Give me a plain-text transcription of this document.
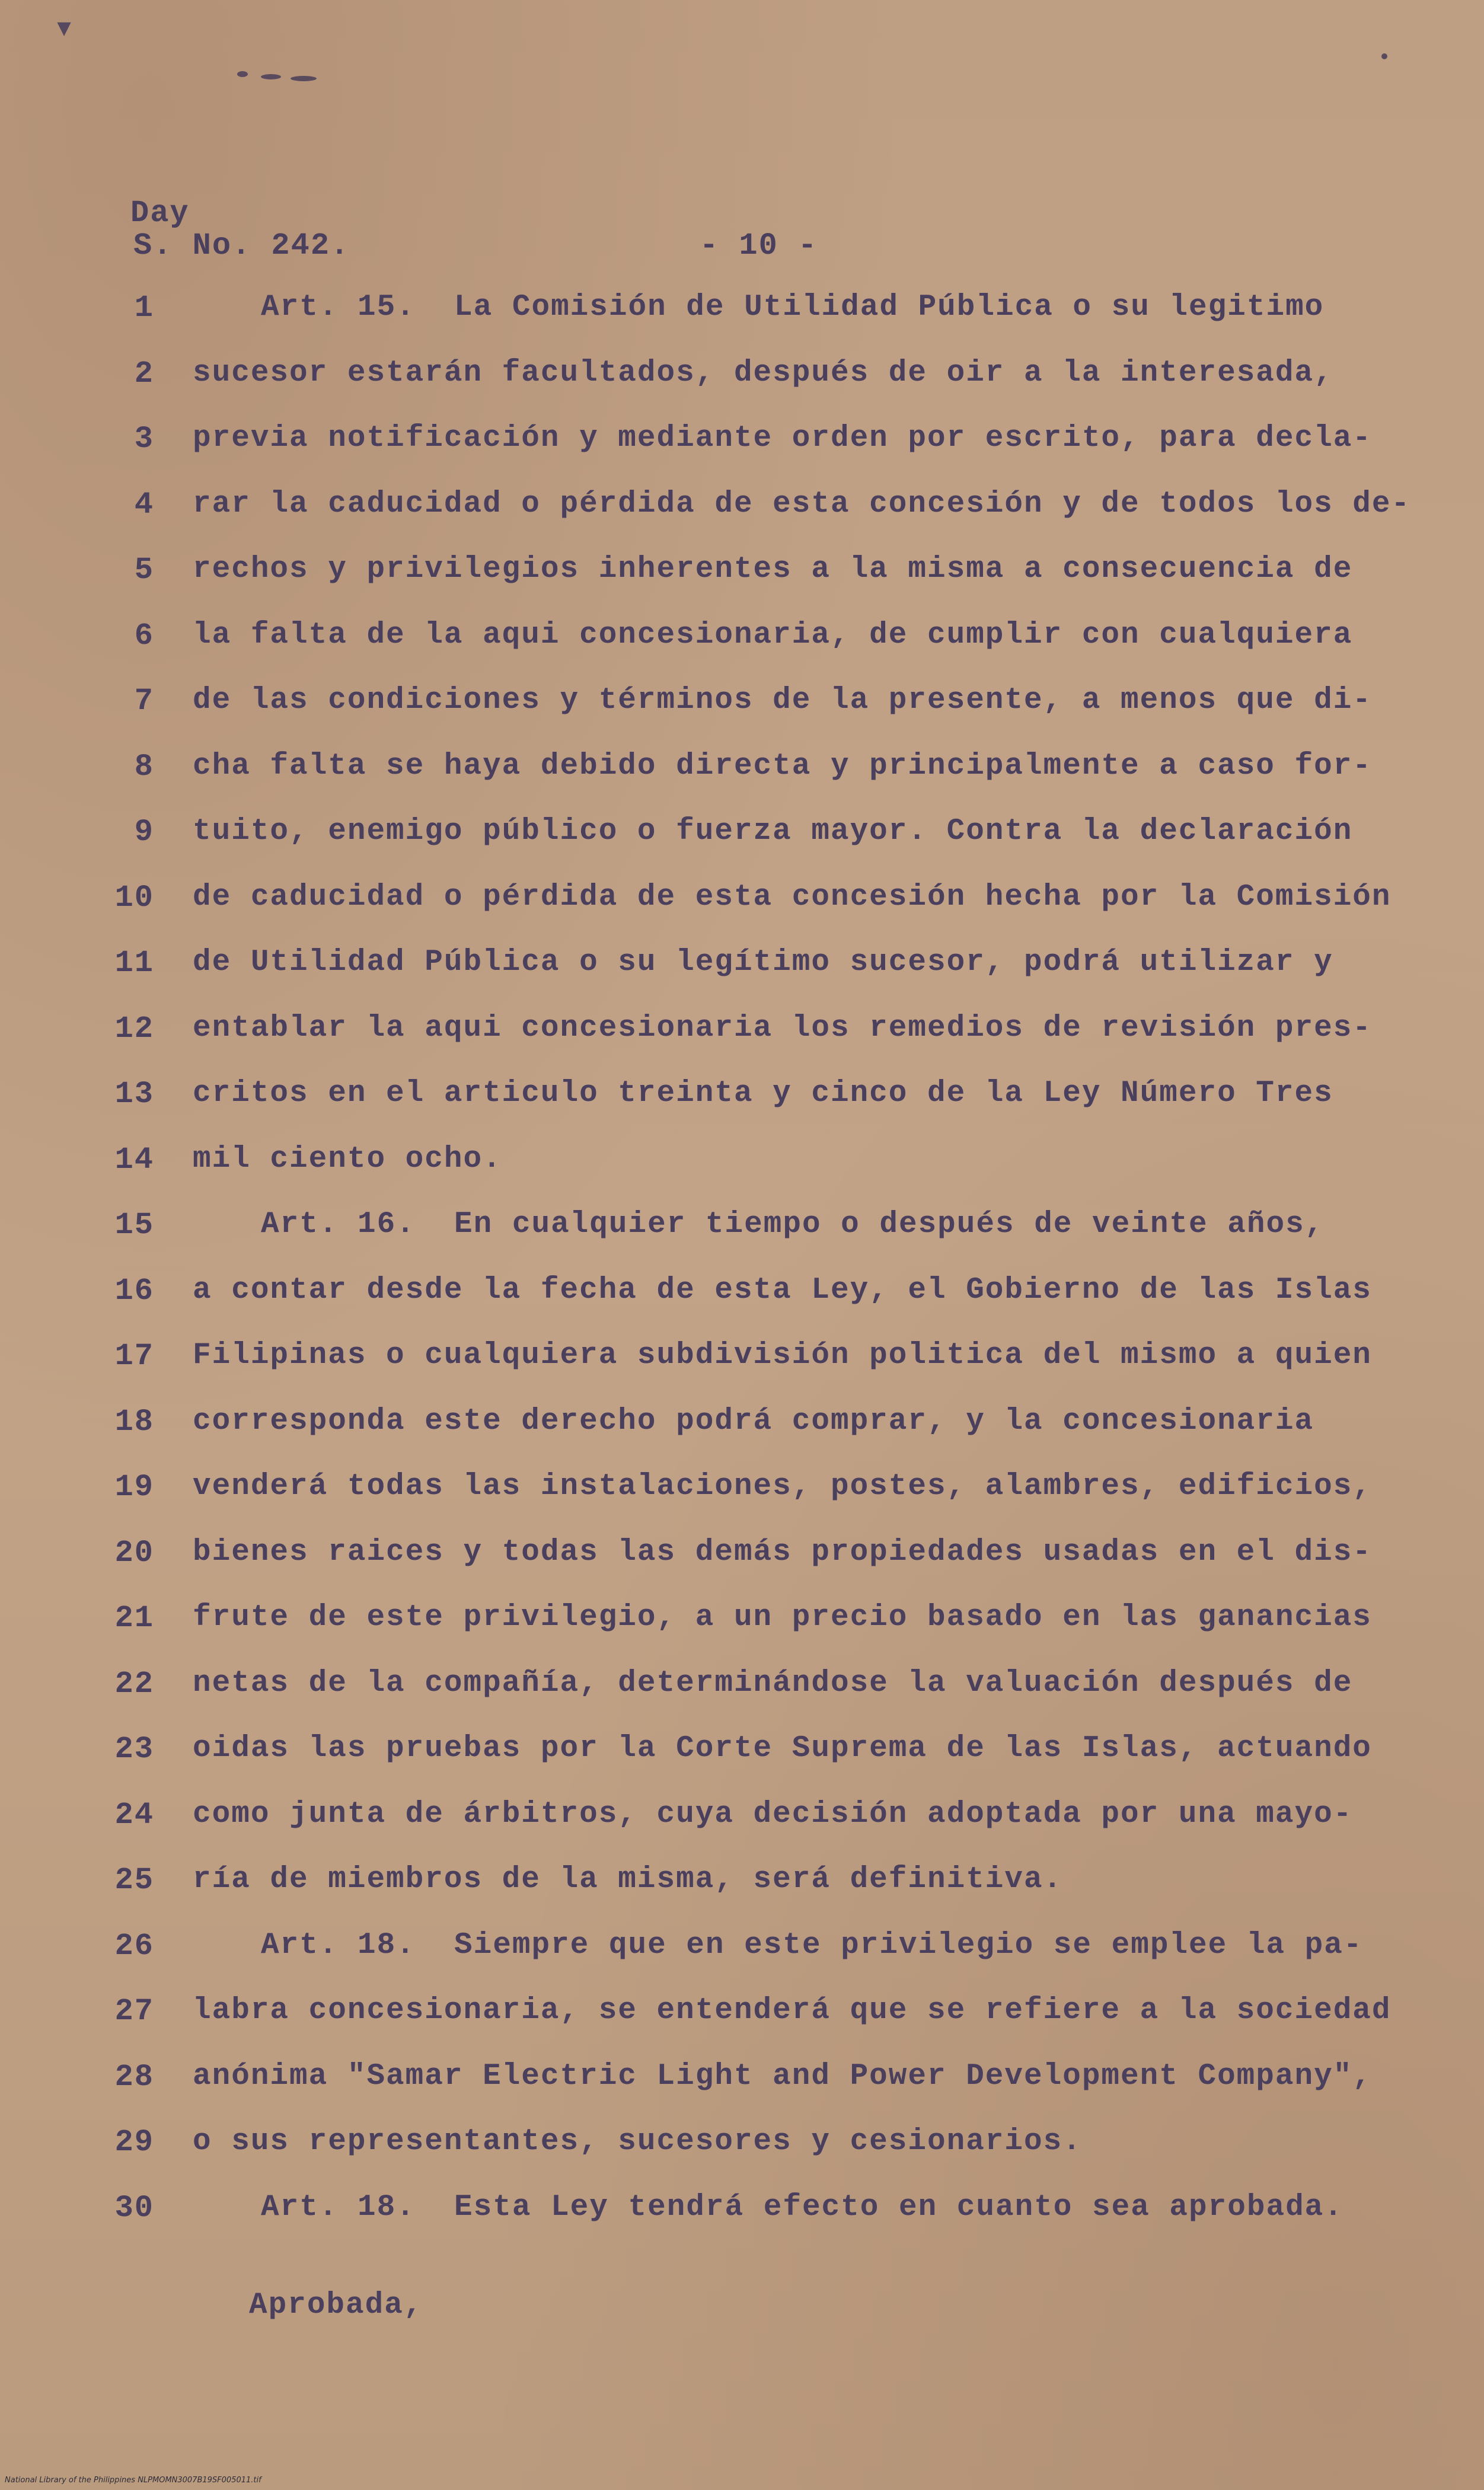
▾
Day
S. No. 242.	- 10 -
1	Art. 15.  La Comisión de Utilidad Pública o su legitimo
2 sucesor estarán facultados, después de oir a la interesada,
3 previa notificación y mediante orden por escrito, para decla-
4 rar la caducidad o pérdida de esta concesión y de todos los de-
5 rechos y privilegios inherentes a la misma a consecuencia de
6 la falta de la aqui concesionaria, de cumplir con cualquiera
7 de las condiciones y términos de la presente, a menos que di-
8 cha falta se haya debido directa y principalmente a caso for-
9 tuito, enemigo público o fuerza mayor. Contra la declaración
10 de caducidad o pérdida de esta concesión hecha por la Comisión
11 de Utilidad Pública o su legítimo sucesor, podrá utilizar y
12 entablar la aqui concesionaria los remedios de revisión pres-
13 critos en el articulo treinta y cinco de la Ley Número Tres
14 mil ciento ocho.
15	Art. 16.  En cualquier tiempo o después de veinte años,
16 a contar desde la fecha de esta Ley, el Gobierno de las Islas
17 Filipinas o cualquiera subdivisión politica del mismo a quien
18 corresponda este derecho podrá comprar, y la concesionaria
19 venderá todas las instalaciones, postes, alambres, edificios,
20 bienes raices y todas las demás propiedades usadas en el dis-
21 frute de este privilegio, a un precio basado en las ganancias
22 netas de la compañía, determinándose la valuación después de
23 oidas las pruebas por la Corte Suprema de las Islas, actuando
24 como junta de árbitros, cuya decisión adoptada por una mayo-
25 ría de miembros de la misma, será definitiva.
26	Art. 18.  Siempre que en este privilegio se emplee la pa-
27 labra concesionaria, se entenderá que se refiere a la sociedad
28 anónima "Samar Electric Light and Power Development Company",
29 o sus representantes, sucesores y cesionarios.
30	Art. 18.  Esta Ley tendrá efecto en cuanto sea aprobada.
Aprobada,
National Library of the Philippines NLPMOMN3007B19SF005011.tif
